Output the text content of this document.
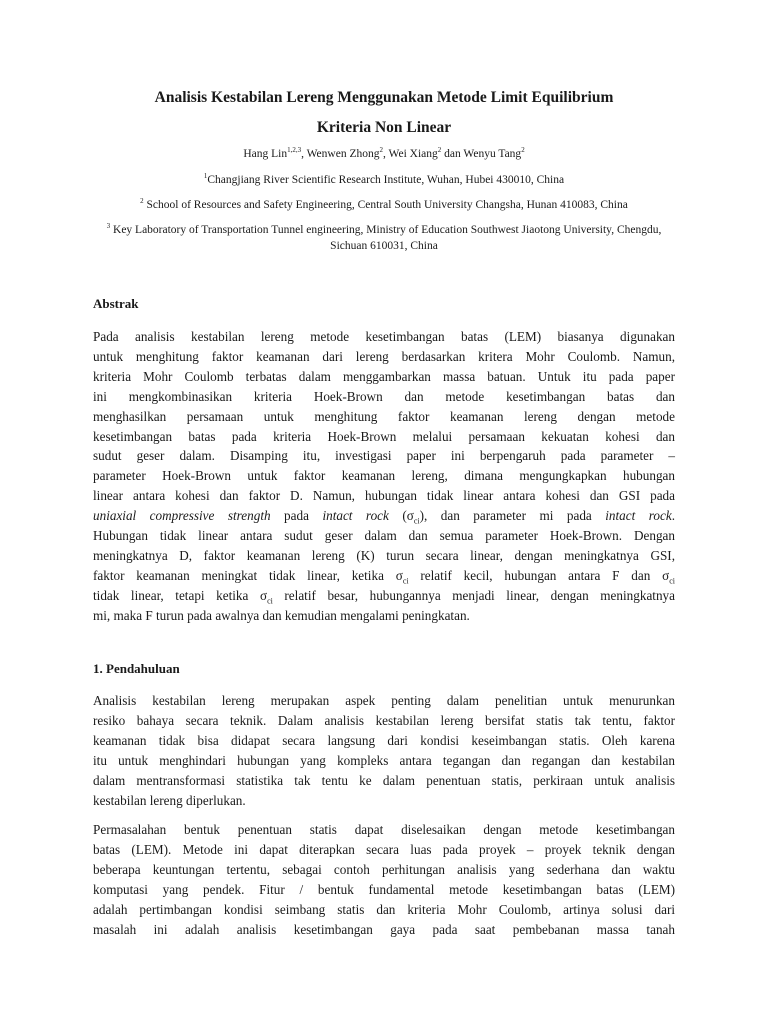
Analisis Kestabilan Lereng Menggunakan Metode Limit Equilibrium
Kriteria Non Linear
Hang Lin$^{1,2,3}$, Wenwen Zhong$^2$, Wei Xiang$^2$ dan Wenyu Tang$^2$
$^1$Changjiang River Scientific Research Institute, Wuhan, Hubei 430010, China
$^2$ School of Resources and Safety Engineering, Central South University Changsha, Hunan 410083, China
$^3$ Key Laboratory of Transportation Tunnel engineering, Ministry of Education Southwest Jiaotong University, Chengdu, Sichuan 610031, China
Abstrak
Pada analisis kestabilan lereng metode kesetimbangan batas (LEM) biasanya digunakan
untuk menghitung faktor keamanan dari lereng berdasarkan kritera Mohr Coulomb. Namun,
kriteria Mohr Coulomb terbatas dalam menggambarkan massa batuan. Untuk itu pada paper
ini mengkombinasikan kriteria Hoek-Brown dan metode kesetimbangan batas dan
menghasilkan persamaan untuk menghitung faktor keamanan lereng dengan metode
kesetimbangan batas pada kriteria Hoek-Brown melalui persamaan kekuatan kohesi dan
sudut geser dalam. Disamping itu, investigasi paper ini berpengaruh pada parameter –
parameter Hoek-Brown untuk faktor keamanan lereng, dimana mengungkapkan hubungan
linear antara kohesi dan faktor D. Namun, hubungan tidak linear antara kohesi dan GSI pada
uniaxial compressive strength pada intact rock $(\sigma_{ci})$, dan parameter mi pada intact rock.
Hubungan tidak linear antara sudut geser dalam dan semua parameter Hoek-Brown. Dengan
meningkatnya D, faktor keamanan lereng (K) turun secara linear, dengan meningkatnya GSI,
faktor keamanan meningkat tidak linear, ketika $\sigma_{ci}$ relatif kecil, hubungan antara F dan $\sigma_{ci}$
tidak linear, tetapi ketika $\sigma_{ci}$ relatif besar, hubungannya menjadi linear, dengan meningkatnya
mi, maka F turun pada awalnya dan kemudian mengalami peningkatan.
1. Pendahuluan
Analisis kestabilan lereng merupakan aspek penting dalam penelitian untuk menurunkan
resiko bahaya secara teknik. Dalam analisis kestabilan lereng bersifat statis tak tentu, faktor
keamanan tidak bisa didapat secara langsung dari kondisi keseimbangan statis. Oleh karena
itu untuk menghindari hubungan yang kompleks antara tegangan dan regangan dan kestabilan
dalam mentransformasi statistika tak tentu ke dalam penentuan statis, perkiraan untuk analisis
kestabilan lereng diperlukan.
Permasalahan bentuk penentuan statis dapat diselesaikan dengan metode kesetimbangan
batas (LEM). Metode ini dapat diterapkan secara luas pada proyek – proyek teknik dengan
beberapa keuntungan tertentu, sebagai contoh perhitungan analisis yang sederhana dan waktu
komputasi yang pendek. Fitur / bentuk fundamental metode kesetimbangan batas (LEM)
adalah pertimbangan kondisi seimbang statis dan kriteria Mohr Coulomb, artinya solusi dari
masalah ini adalah analisis kesetimbangan gaya pada saat pembebanan massa tanah
